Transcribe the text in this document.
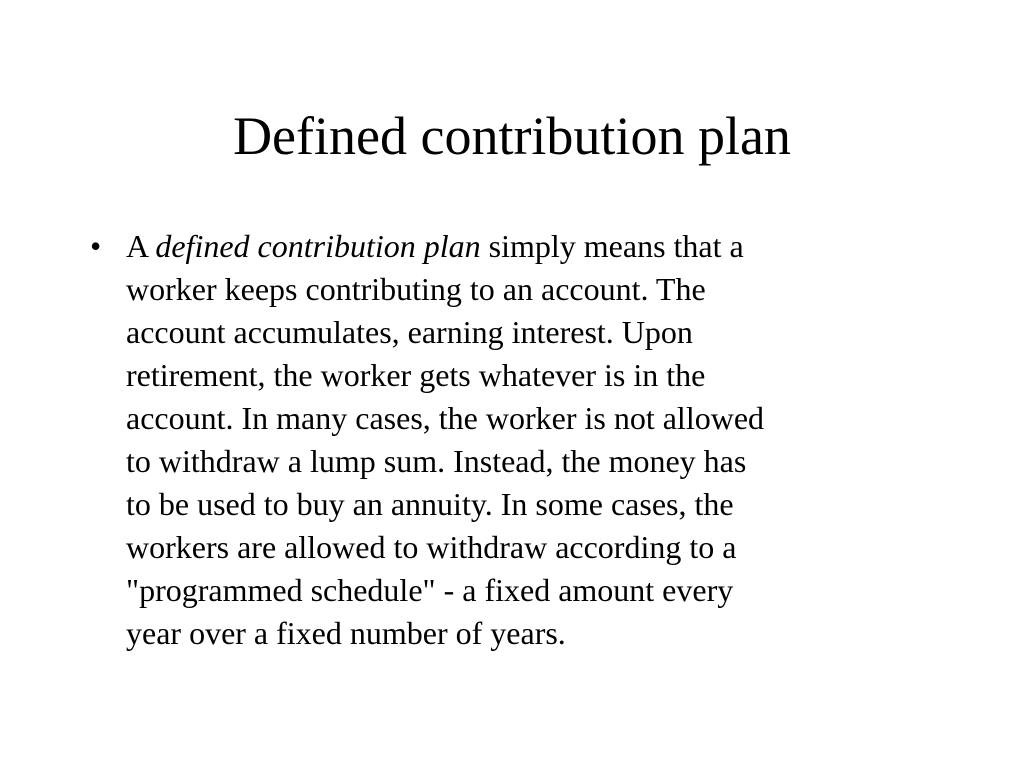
Defined contribution plan
• A defined contribution plan simply means that a
worker keeps contributing to an account. The
account accumulates, earning interest. Upon
retirement, the worker gets whatever is in the
account. In many cases, the worker is not allowed
to withdraw a lump sum. Instead, the money has
to be used to buy an annuity. In some cases, the
workers are allowed to withdraw according to a
"programmed schedule" - a fixed amount every
year over a fixed number of years.
